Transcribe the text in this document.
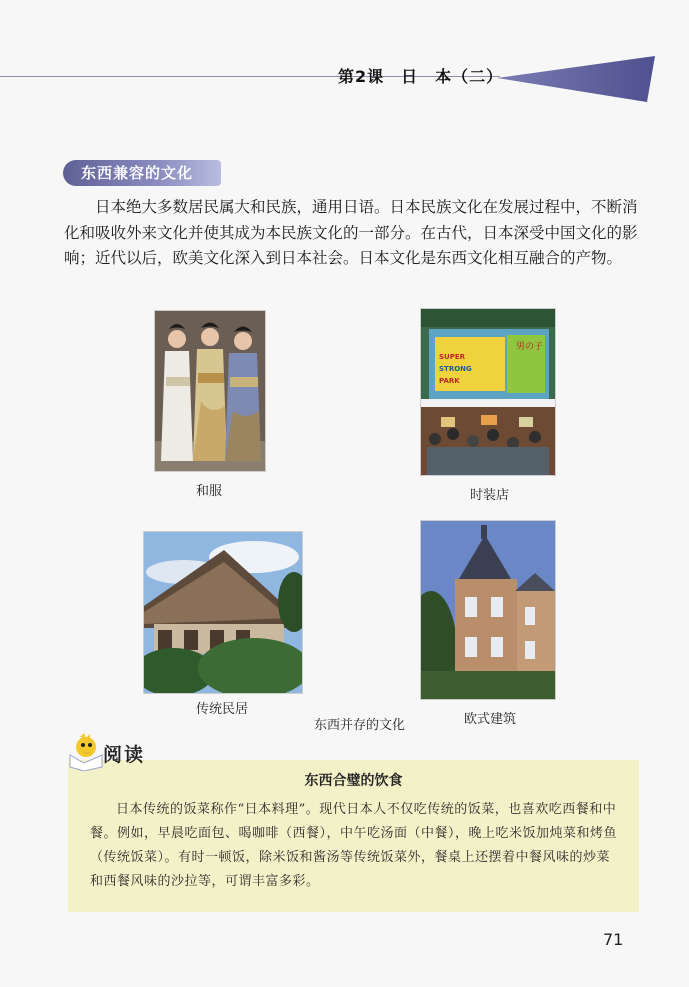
第2课　日　本（二）
东西兼容的文化

日本绝大多数居民属大和民族，通用日语。日本民族文化在发展过程中，不断消化和吸收外来文化并使其成为本民族文化的一部分。在古代，日本深受中国文化的影响；近代以后，欧美文化深入到日本社会。日本文化是东西文化相互融合的产物。

和服
男の子
SUPER
STRONG
PARK
时装店
传统民居
欧式建筑
东西并存的文化
东西合璧的饮食

日本传统的饭菜称作“日本料理”。现代日本人不仅吃传统的饭菜，也喜欢吃西餐和中餐。例如，早晨吃面包、喝咖啡（西餐），中午吃汤面（中餐），晚上吃米饭加炖菜和烤鱼（传统饭菜）。有时一顿饭，除米饭和酱汤等传统饭菜外，餐桌上还摆着中餐风味的炒菜和西餐风味的沙拉等，可谓丰富多彩。

阅读
71
